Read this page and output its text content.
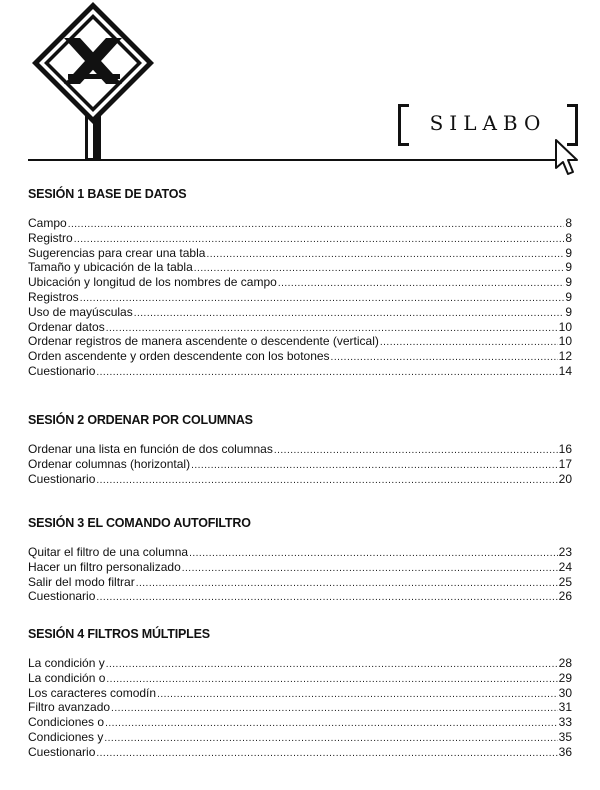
SILABO
SESIÓN 1 BASE DE DATOS
Campo .....	8
Registro .....	8
Sugerencias para crear una tabla .....	9
Tamaño y ubicación de la tabla .....	9
Ubicación y longitud de los nombres de campo .....	9
Registros .....	9
Uso de mayúsculas .....	9
Ordenar datos .....	10
Ordenar registros de manera ascendente o descendente (vertical) .....	10
Orden ascendente y orden descendente con los botones .....	12
Cuestionario .....	14
SESIÓN 2 ORDENAR POR COLUMNAS
Ordenar una lista en función de dos columnas .....	16
Ordenar columnas (horizontal) .....	17
Cuestionario .....	20
SESIÓN 3 EL COMANDO AUTOFILTRO
Quitar el filtro de una columna .....	23
Hacer un filtro personalizado .....	24
Salir del modo filtrar .....	25
Cuestionario .....	26
SESIÓN 4 FILTROS MÚLTIPLES
La condición y .....	28
La condición o .....	29
Los caracteres comodín .....	30
Filtro avanzado .....	31
Condiciones o .....	33
Condiciones y .....	35
Cuestionario .....	36
